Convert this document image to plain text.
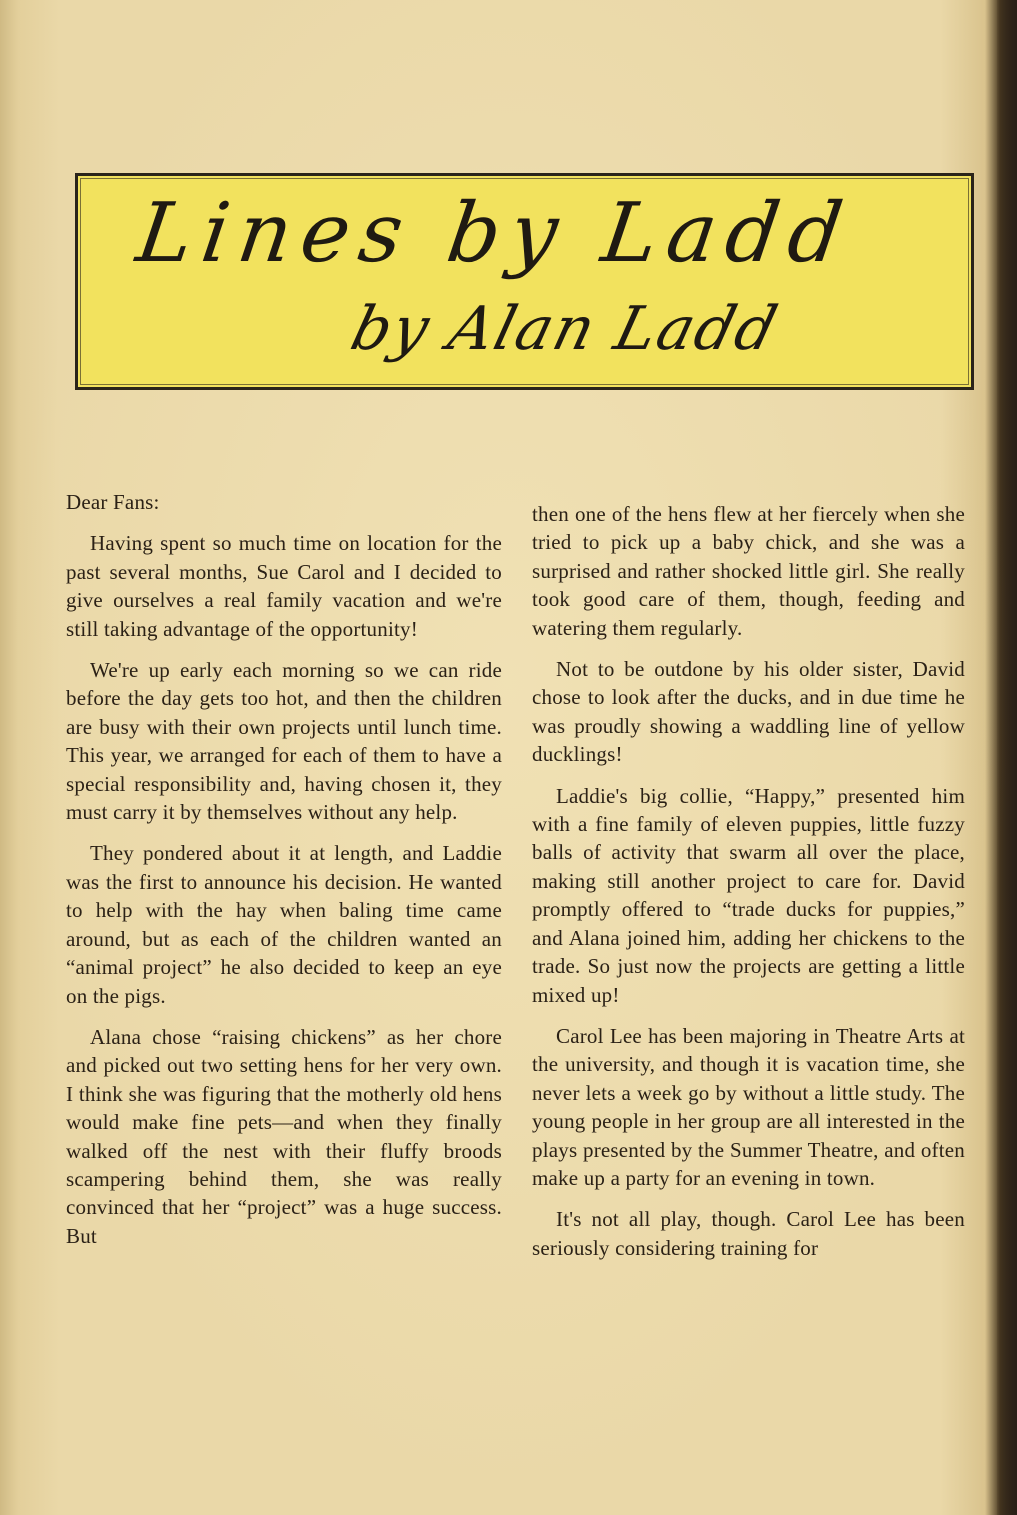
Lines by Ladd
by Alan Ladd

Dear Fans:

Having spent so much time on location for the past several months, Sue Carol and I decided to give ourselves a real family vacation and we're still taking advantage of the opportunity!

We're up early each morning so we can ride before the day gets too hot, and then the children are busy with their own projects until lunch time. This year, we arranged for each of them to have a special responsibility and, having chosen it, they must carry it by themselves without any help.

They pondered about it at length, and Laddie was the first to announce his decision. He wanted to help with the hay when baling time came around, but as each of the children wanted an “animal project” he also decided to keep an eye on the pigs.

Alana chose “raising chickens” as her chore and picked out two setting hens for her very own. I think she was figuring that the motherly old hens would make fine pets—and when they finally walked off the nest with their fluffy broods scampering behind them, she was really convinced that her “project” was a huge success. But

then one of the hens flew at her fiercely when she tried to pick up a baby chick, and she was a surprised and rather shocked little girl. She really took good care of them, though, feeding and watering them regularly.

Not to be outdone by his older sister, David chose to look after the ducks, and in due time he was proudly showing a waddling line of yellow ducklings!

Laddie's big collie, “Happy,” presented him with a fine family of eleven puppies, little fuzzy balls of activity that swarm all over the place, making still another project to care for. David promptly offered to “trade ducks for puppies,” and Alana joined him, adding her chickens to the trade. So just now the projects are getting a little mixed up!

Carol Lee has been majoring in Theatre Arts at the university, and though it is vacation time, she never lets a week go by without a little study. The young people in her group are all interested in the plays presented by the Summer Theatre, and often make up a party for an evening in town.

It's not all play, though. Carol Lee has been seriously considering training for
